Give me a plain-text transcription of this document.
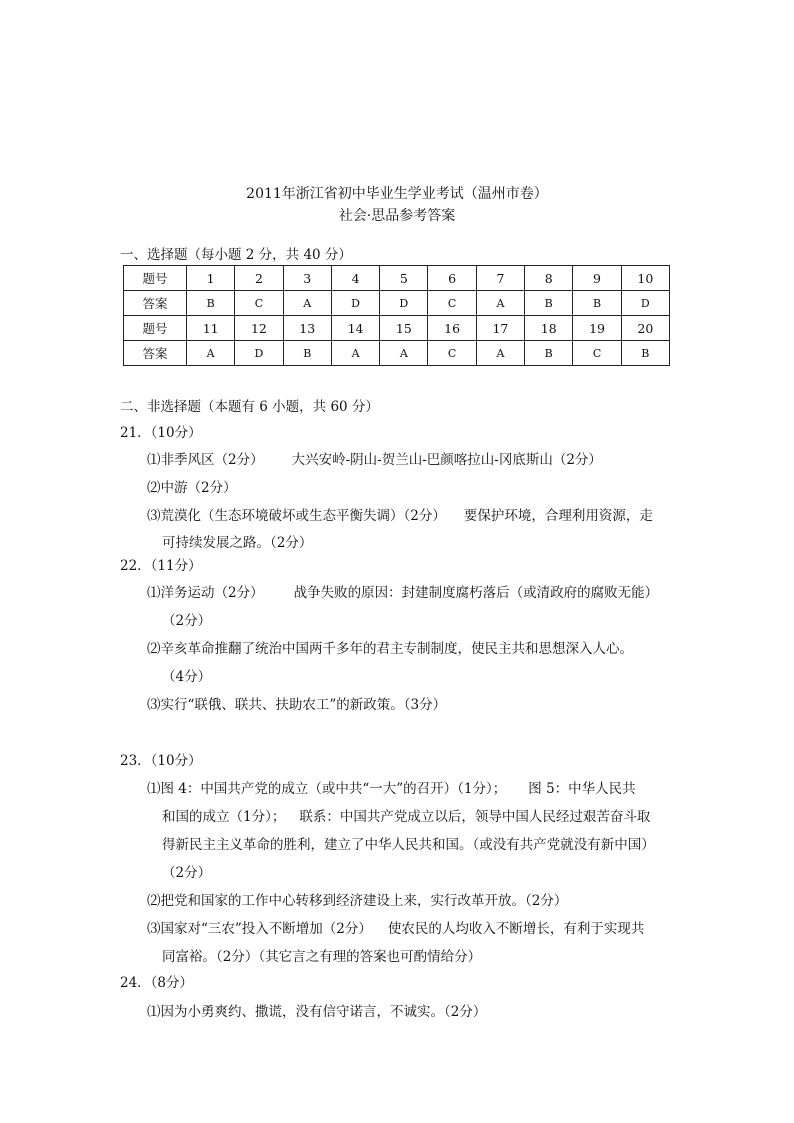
2011年浙江省初中毕业生学业考试（温州市卷）
社会·思品参考答案
一、选择题（每小题 2 分，共 40 分）
题号	1	2	3	4	5	6	7	8	9	10
答案	B	C	A	D	D	C	A	B	B	D
题号	11	12	13	14	15	16	17	18	19	20
答案	A	D	B	A	A	C	A	B	C	B
二、非选择题（本题有 6 小题，共 60 分）
21．（10分）
⑴非季风区（2分） 大兴安岭-阴山-贺兰山-巴颜喀拉山-冈底斯山（2分）
⑵中游（2分）
⑶荒漠化（生态环境破坏或生态平衡失调）（2分） 要保护环境，合理利用资源，走
可持续发展之路。（2分）
22．（11分）
⑴洋务运动（2分） 战争失败的原因：封建制度腐朽落后（或清政府的腐败无能）
（2分）
⑵辛亥革命推翻了统治中国两千多年的君主专制制度，使民主共和思想深入人心。
（4分）
⑶实行“联俄、联共、扶助农工”的新政策。（3分）
23．（10分）
⑴图 4：中国共产党的成立（或中共“一大”的召开）（1分）； 图 5：中华人民共
和国的成立（1分）； 联系：中国共产党成立以后，领导中国人民经过艰苦奋斗取
得新民主主义革命的胜利，建立了中华人民共和国。（或没有共产党就没有新中国）
（2分）
⑵把党和国家的工作中心转移到经济建设上来，实行改革开放。（2分）
⑶国家对“三农”投入不断增加（2分） 使农民的人均收入不断增长，有利于实现共
同富裕。（2分）（其它言之有理的答案也可酌情给分）
24．（8分）
⑴因为小勇爽约、撒谎，没有信守诺言，不诚实。（2分）
